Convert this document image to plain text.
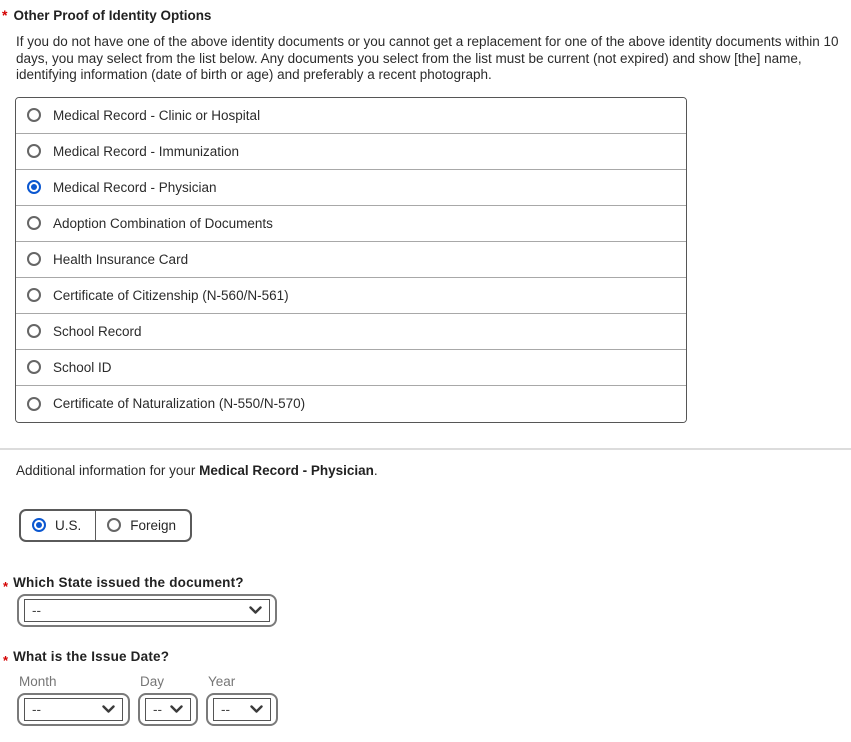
* Other Proof of Identity Options

If you do not have one of the above identity documents or you cannot get a replacement for one of the above identity documents within 10 days, you may select from the list below. Any documents you select from the list must be current (not expired) and show [the] name, identifying information (date of birth or age) and preferably a recent photograph.

Medical Record - Clinic or Hospital
Medical Record - Immunization
Medical Record - Physician
Adoption Combination of Documents
Health Insurance Card
Certificate of Citizenship (N-560/N-561)
School Record
School ID
Certificate of Naturalization (N-550/N-570)

Additional information for your Medical Record - Physician.

U.S.	Foreign
* Which State issued the document?
--
* What is the Issue Date?
Month
--
Day
--
Year
--
